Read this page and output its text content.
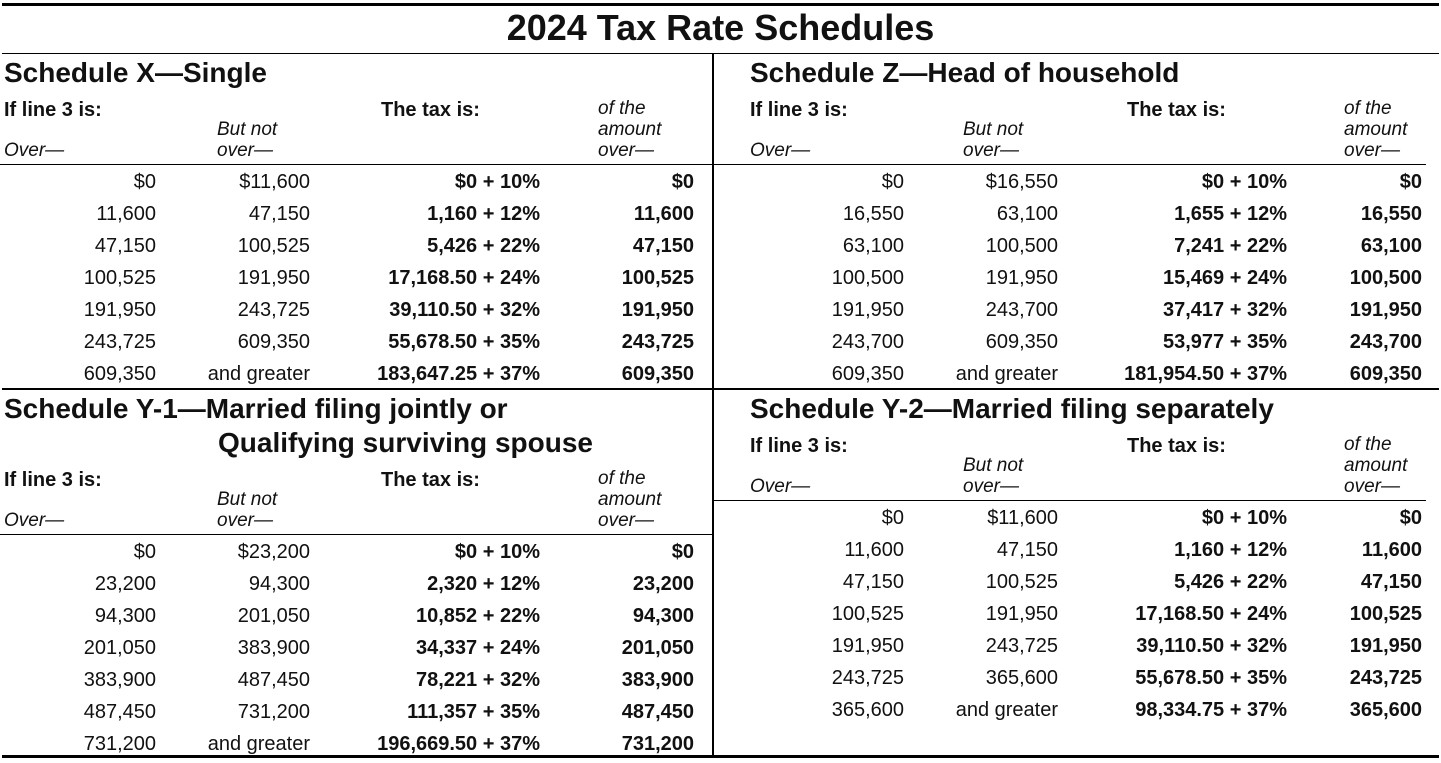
2024 Tax Rate Schedules
Schedule X—Single
If line 3 is:	The tax is:
But not
over—
Over—
of the
amount
over—
$0	$11,600	$0 + 10%	$0
11,600	47,150	1,160 + 12%	11,600
47,150	100,525	5,426 + 22%	47,150
100,525	191,950	17,168.50 + 24%	100,525
191,950	243,725	39,110.50 + 32%	191,950
243,725	609,350	55,678.50 + 35%	243,725
609,350	and greater	183,647.25 + 37%	609,350
Schedule Z—Head of household
If line 3 is:	The tax is:
But not
over—
Over—
of the
amount
over—
$0	$16,550	$0 + 10%	$0
16,550	63,100	1,655 + 12%	16,550
63,100	100,500	7,241 + 22%	63,100
100,500	191,950	15,469 + 24%	100,500
191,950	243,700	37,417 + 32%	191,950
243,700	609,350	53,977 + 35%	243,700
609,350	and greater	181,954.50 + 37%	609,350
Schedule Y-1—Married filing jointly or
Qualifying surviving spouse
If line 3 is:	The tax is:
But not
over—
Over—
of the
amount
over—
$0	$23,200	$0 + 10%	$0
23,200	94,300	2,320 + 12%	23,200
94,300	201,050	10,852 + 22%	94,300
201,050	383,900	34,337 + 24%	201,050
383,900	487,450	78,221 + 32%	383,900
487,450	731,200	111,357 + 35%	487,450
731,200	and greater	196,669.50 + 37%	731,200
Schedule Y-2—Married filing separately
If line 3 is:	The tax is:
But not
over—
Over—
of the
amount
over—
$0	$11,600	$0 + 10%	$0
11,600	47,150	1,160 + 12%	11,600
47,150	100,525	5,426 + 22%	47,150
100,525	191,950	17,168.50 + 24%	100,525
191,950	243,725	39,110.50 + 32%	191,950
243,725	365,600	55,678.50 + 35%	243,725
365,600	and greater	98,334.75 + 37%	365,600
